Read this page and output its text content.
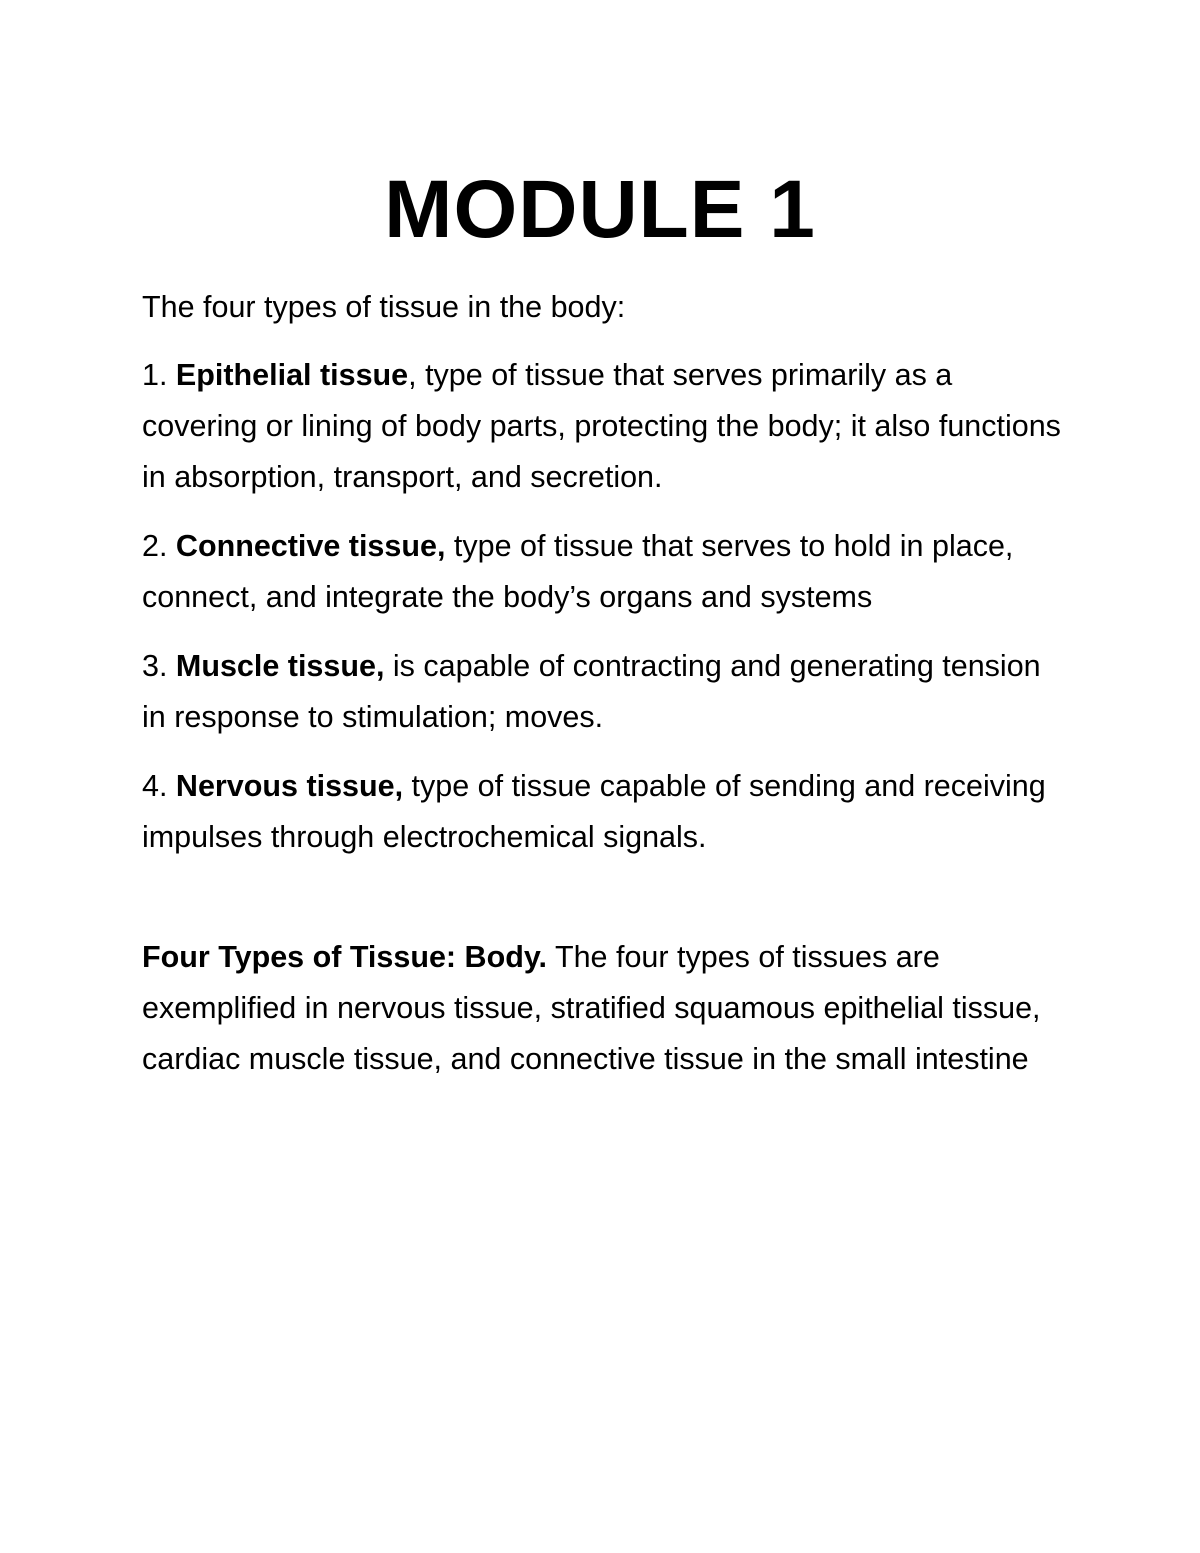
MODULE 1

The four types of tissue in the body:

1. Epithelial tissue, type of tissue that serves primarily as a covering or lining of body parts, protecting the body; it also functions in absorption, transport, and secretion.

2. Connective tissue, type of tissue that serves to hold in place, connect, and integrate the body’s organs and systems

3. Muscle tissue, is capable of contracting and generating tension in response to stimulation; moves.

4. Nervous tissue, type of tissue capable of sending and receiving impulses through electrochemical signals.

Four Types of Tissue: Body. The four types of tissues are exemplified in nervous tissue, stratified squamous epithelial tissue, cardiac muscle tissue, and connective tissue in the small intestine
